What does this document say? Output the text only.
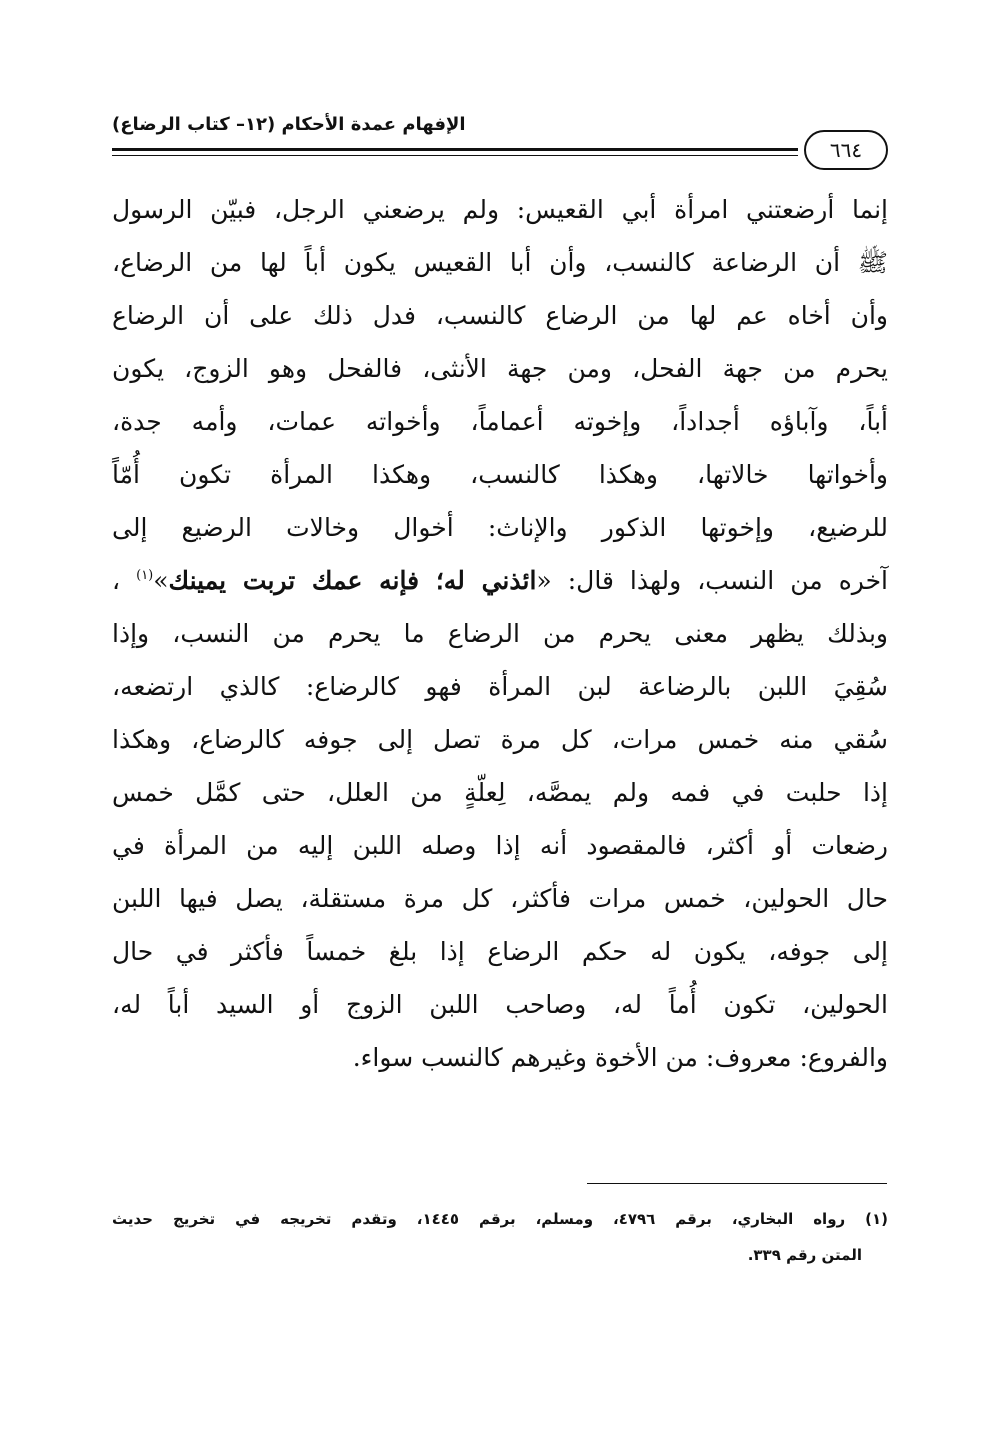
الإفهام عمدة الأحكام (١٢– كتاب الرضاع)
٦٦٤
إنما أرضعتني امرأة أبي القعيس: ولم يرضعني الرجل، فبيّن الرسول
ﷺ أن الرضاعة كالنسب، وأن أبا القعيس يكون أباً لها من الرضاع،
وأن أخاه عم لها من الرضاع كالنسب، فدل ذلك على أن الرضاع
يحرم من جهة الفحل، ومن جهة الأنثى، فالفحل وهو الزوج، يكون
أباً، وآباؤه أجداداً، وإخوته أعماماً، وأخواته عمات، وأمه جدة،
وأخواتها خالاتها، وهكذا كالنسب، وهكذا المرأة تكون أُمّاً
للرضيع، وإخوتها الذكور والإناث: أخوال وخالات الرضيع إلى
آخره من النسب، ولهذا قال: «ائذني له؛ فإنه عمك تربت يمينك»$^{(١)}$ ،
وبذلك يظهر معنى يحرم من الرضاع ما يحرم من النسب، وإذا
سُقِيَ اللبن بالرضاعة لبن المرأة فهو كالرضاع: كالذي ارتضعه،
سُقي منه خمس مرات، كل مرة تصل إلى جوفه كالرضاع، وهكذا
إذا حلبت في فمه ولم يمصَّه، لِعلّةٍ من العلل، حتى كمَّل خمس
رضعات أو أكثر، فالمقصود أنه إذا وصله اللبن إليه من المرأة في
حال الحولين، خمس مرات فأكثر، كل مرة مستقلة، يصل فيها اللبن
إلى جوفه، يكون له حكم الرضاع إذا بلغ خمساً فأكثر في حال
الحولين، تكون أُماً له، وصاحب اللبن الزوج أو السيد أباً له،
والفروع: معروف: من الأخوة وغيرهم كالنسب سواء.
(١) رواه البخاري، برقم ٤٧٩٦، ومسلم، برقم ١٤٤٥، وتقدم تخريجه في تخريج حديث
المتن رقم ٣٣٩.
